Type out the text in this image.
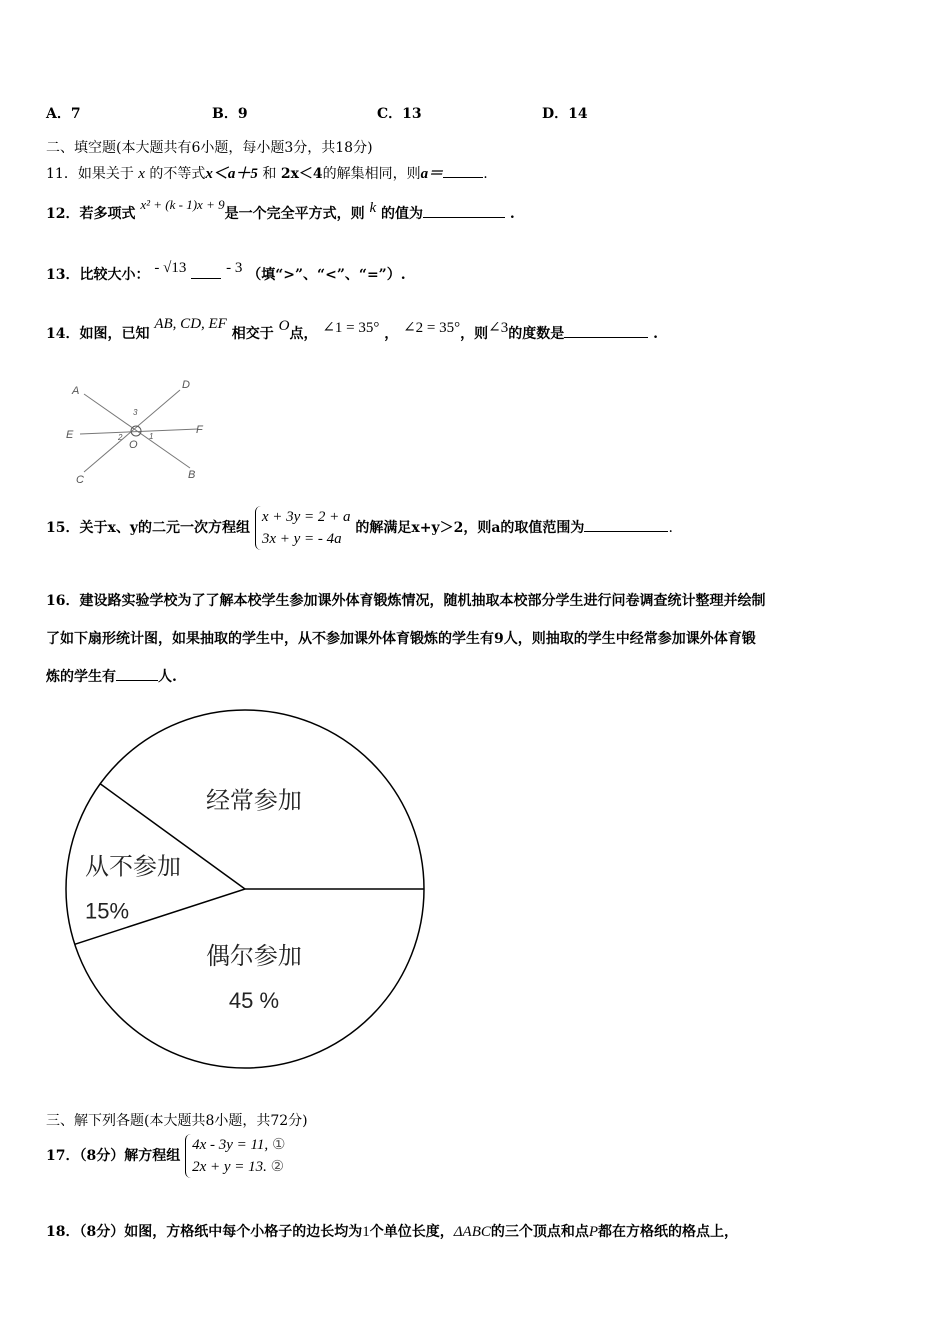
A．7	B．9	C．13	D．14
二、填空题(本大题共有6小题，每小题3分，共18分)
11．如果关于 x 的不等式x＜a＋5 和 2x＜4的解集相同，则a＝	.
12．若多项式 x² + (k - 1)x + 9是一个完全平方式，则 k 的值为	.
13．比较大小： - √13	- 3 （填“>”、“<”、“=”）.
14．如图，已知 AB, CD, EF 相交于 O点， ∠1 = 35° ， ∠2 = 35°，则∠3的度数是	.
A	D
E	F
C	B
O
1
2
3
15．关于x、y的二元一次方程组
x + 3y = 2 + a
3x + y = - 4a
的解满足x+y＞2，则a的取值范围为	.
16．建设路实验学校为了了解本校学生参加课外体育锻炼情况，随机抽取本校部分学生进行问卷调查统计整理并绘制
了如下扇形统计图，如果抽取的学生中，从不参加课外体育锻炼的学生有9人，则抽取的学生中经常参加课外体育锻
炼的学生有	人.
经常参加
从不参加
15%
偶尔参加
45 %
三、解下列各题(本大题共8小题，共72分)
17．（8分）解方程组
4x - 3y = 11, ①
2x + y = 13. ②
18．（8分）如图，方格纸中每个小格子的边长均为1个单位长度，ΔABC的三个顶点和点P都在方格纸的格点上，
